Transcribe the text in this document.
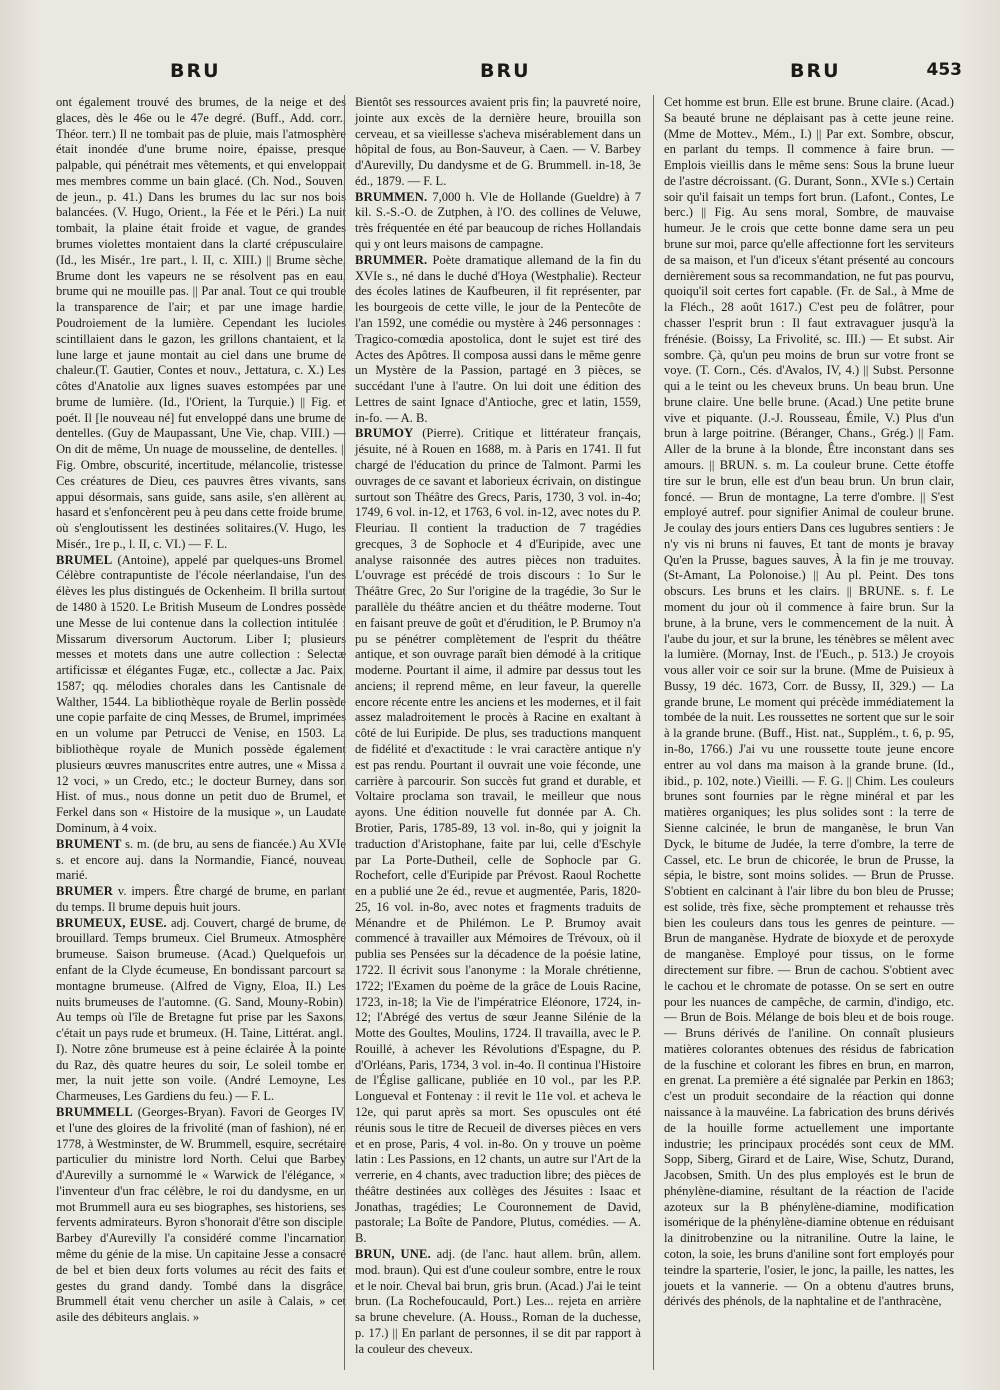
BRU	BRU	BRU	453

ont également trouvé des brumes, de la neige et des glaces, dès le 46e ou le 47e degré. (Buff., Add. corr., Théor. terr.) Il ne tombait pas de pluie, mais l'atmosphère était inondée d'une brume noire, épaisse, presque palpable, qui pénétrait mes vêtements, et qui enveloppait mes membres comme un bain glacé. (Ch. Nod., Souven. de jeun., p. 41.) Dans les brumes du lac sur nos bois balancées. (V. Hugo, Orient., la Fée et le Péri.) La nuit tombait, la plaine était froide et vague, de grandes brumes violettes montaient dans la clarté crépusculaire. (Id., les Misér., 1re part., l. II, c. XIII.) || Brume sèche, Brume dont les vapeurs ne se résolvent pas en eau, brume qui ne mouille pas. || Par anal. Tout ce qui trouble la transparence de l'air; et par une image hardie, Poudroiement de la lumière. Cependant les lucioles scintillaient dans le gazon, les grillons chantaient, et la lune large et jaune montait au ciel dans une brume de chaleur.(T. Gautier, Contes et nouv., Jettatura, c. X.) Les côtes d'Anatolie aux lignes suaves estompées par une brume de lumière. (Id., l'Orient, la Turquie.) || Fig. et poét. Il [le nouveau né] fut enveloppé dans une brume de dentelles. (Guy de Maupassant, Une Vie, chap. VIII.) — On dit de même, Un nuage de mousseline, de dentelles. || Fig. Ombre, obscurité, incertitude, mélancolie, tristesse. Ces créatures de Dieu, ces pauvres êtres vivants, sans appui désormais, sans guide, sans asile, s'en allèrent au hasard et s'enfoncèrent peu à peu dans cette froide brume, où s'engloutissent les destinées solitaires.(V. Hugo, les Misér., 1re p., l. II, c. VI.) — F. L.

BRUMEL (Antoine), appelé par quelques-uns Bromel. Célèbre contrapuntiste de l'école néerlandaise, l'un des élèves les plus distingués de Ockenheim. Il brilla surtout de 1480 à 1520. Le British Museum de Londres possède une Messe de lui contenue dans la collection intitulée : Missarum diversorum Auctorum. Liber I; plusieurs messes et motets dans une autre collection : Selectæ artificissæ et élégantes Fugæ, etc., collectæ a Jac. Paix, 1587; qq. mélodies chorales dans les Cantisnale de Walther, 1544. La bibliothèque royale de Berlin possède une copie parfaite de cinq Messes, de Brumel, imprimées en un volume par Petrucci de Venise, en 1503. La bibliothèque royale de Munich possède également plusieurs œuvres manuscrites entre autres, une « Missa a 12 voci, » un Credo, etc.; le docteur Burney, dans son Hist. of mus., nous donne un petit duo de Brumel, et Ferkel dans son « Histoire de la musique », un Laudate Dominum, à 4 voix.

BRUMENT s. m. (de bru, au sens de fiancée.) Au XVIe s. et encore auj. dans la Normandie, Fiancé, nouveau marié.

BRUMER v. impers. Être chargé de brume, en parlant du temps. Il brume depuis huit jours.

BRUMEUX, EUSE. adj. Couvert, chargé de brume, de brouillard. Temps brumeux. Ciel Brumeux. Atmosphère brumeuse. Saison brumeuse. (Acad.) Quelquefois un enfant de la Clyde écumeuse, En bondissant parcourt sa montagne brumeuse. (Alfred de Vigny, Eloa, II.) Les nuits brumeuses de l'automne. (G. Sand, Mouny-Robin). Au temps où l'île de Bretagne fut prise par les Saxons, c'était un pays rude et brumeux. (H. Taine, Littérat. angl., I). Notre zône brumeuse est à peine éclairée À la pointe du Raz, dès quatre heures du soir, Le soleil tombe en mer, la nuit jette son voile. (André Lemoyne, Les Charmeuses, Les Gardiens du feu.) — F. L.

BRUMMELL (Georges-Bryan). Favori de Georges IV, et l'une des gloires de la frivolité (man of fashion), né en 1778, à Westminster, de W. Brummell, esquire, secrétaire particulier du ministre lord North. Celui que Barbey d'Aurevilly a surnommé le « Warwick de l'élégance, » l'inventeur d'un frac célèbre, le roi du dandysme, en un mot Brummell aura eu ses biographes, ses historiens, ses fervents admirateurs. Byron s'honorait d'être son disciple. Barbey d'Aurevilly l'a considéré comme l'incarnation même du génie de la mise. Un capitaine Jesse a consacré de bel et bien deux forts volumes au récit des faits et gestes du grand dandy. Tombé dans la disgrâce, Brummell était venu chercher un asile à Calais, » cet asile des débiteurs anglais. »

Bientôt ses ressources avaient pris fin; la pauvreté noire, jointe aux excès de la dernière heure, brouilla son cerveau, et sa vieillesse s'acheva misérablement dans un hôpital de fous, au Bon-Sauveur, à Caen. — V. Barbey d'Aurevilly, Du dandysme et de G. Brummell. in-18, 3e éd., 1879. — F. L.

BRUMMEN. 7,000 h. Vle de Hollande (Gueldre) à 7 kil. S.-S.-O. de Zutphen, à l'O. des collines de Veluwe, très fréquentée en été par beaucoup de riches Hollandais qui y ont leurs maisons de campagne.

BRUMMER. Poète dramatique allemand de la fin du XVIe s., né dans le duché d'Hoya (Westphalie). Recteur des écoles latines de Kaufbeuren, il fit représenter, par les bourgeois de cette ville, le jour de la Pentecôte de l'an 1592, une comédie ou mystère à 246 personnages : Tragico-comœdia apostolica, dont le sujet est tiré des Actes des Apôtres. Il composa aussi dans le même genre un Mystère de la Passion, partagé en 3 pièces, se succédant l'une à l'autre. On lui doit une édition des Lettres de saint Ignace d'Antioche, grec et latin, 1559, in-fo. — A. B.

BRUMOY (Pierre). Critique et littérateur français, jésuite, né à Rouen en 1688, m. à Paris en 1741. Il fut chargé de l'éducation du prince de Talmont. Parmi les ouvrages de ce savant et laborieux écrivain, on distingue surtout son Théâtre des Grecs, Paris, 1730, 3 vol. in-4o; 1749, 6 vol. in-12, et 1763, 6 vol. in-12, avec notes du P. Fleuriau. Il contient la traduction de 7 tragédies grecques, 3 de Sophocle et 4 d'Euripide, avec une analyse raisonnée des autres pièces non traduites. L'ouvrage est précédé de trois discours : 1o Sur le Théâtre Grec, 2o Sur l'origine de la tragédie, 3o Sur le parallèle du théâtre ancien et du théâtre moderne. Tout en faisant preuve de goût et d'érudition, le P. Brumoy n'a pu se pénétrer complètement de l'esprit du théâtre antique, et son ouvrage paraît bien démodé à la critique moderne. Pourtant il aime, il admire par dessus tout les anciens; il reprend même, en leur faveur, la querelle encore récente entre les anciens et les modernes, et il fait assez maladroitement le procès à Racine en exaltant à côté de lui Euripide. De plus, ses traductions manquent de fidélité et d'exactitude : le vrai caractère antique n'y est pas rendu. Pourtant il ouvrait une voie féconde, une carrière à parcourir. Son succès fut grand et durable, et Voltaire proclama son travail, le meilleur que nous ayons. Une édition nouvelle fut donnée par A. Ch. Brotier, Paris, 1785-89, 13 vol. in-8o, qui y joignit la traduction d'Aristophane, faite par lui, celle d'Eschyle par La Porte-Dutheil, celle de Sophocle par G. Rochefort, celle d'Euripide par Prévost. Raoul Rochette en a publié une 2e éd., revue et augmentée, Paris, 1820-25, 16 vol. in-8o, avec notes et fragments traduits de Ménandre et de Philémon. Le P. Brumoy avait commencé à travailler aux Mémoires de Trévoux, où il publia ses Pensées sur la décadence de la poésie latine, 1722. Il écrivit sous l'anonyme : la Morale chrétienne, 1722; l'Examen du poème de la grâce de Louis Racine, 1723, in-18; la Vie de l'impératrice Eléonore, 1724, in-12; l'Abrégé des vertus de sœur Jeanne Silénie de la Motte des Goultes, Moulins, 1724. Il travailla, avec le P. Rouillé, à achever les Révolutions d'Espagne, du P. d'Orléans, Paris, 1734, 3 vol. in-4o. Il continua l'Histoire de l'Église gallicane, publiée en 10 vol., par les P.P. Longueval et Fontenay : il revit le 11e vol. et acheva le 12e, qui parut après sa mort. Ses opuscules ont été réunis sous le titre de Recueil de diverses pièces en vers et en prose, Paris, 4 vol. in-8o. On y trouve un poème latin : Les Passions, en 12 chants, un autre sur l'Art de la verrerie, en 4 chants, avec traduction libre; des pièces de théâtre destinées aux collèges des Jésuites : Isaac et Jonathas, tragédies; Le Couronnement de David, pastorale; La Boîte de Pandore, Plutus, comédies. — A. B.

BRUN, UNE. adj. (de l'anc. haut allem. brûn, allem. mod. braun). Qui est d'une couleur sombre, entre le roux et le noir. Cheval bai brun, gris brun. (Acad.) J'ai le teint brun. (La Rochefoucauld, Port.) Les... rejeta en arrière sa brune chevelure. (A. Houss., Roman de la duchesse, p. 17.) || En parlant de personnes, il se dit par rapport à la couleur des cheveux.

Cet homme est brun. Elle est brune. Brune claire. (Acad.) Sa beauté brune ne déplaisant pas à cette jeune reine. (Mme de Mottev., Mém., I.) || Par ext. Sombre, obscur, en parlant du temps. Il commence à faire brun. — Emplois vieillis dans le même sens: Sous la brune lueur de l'astre décroissant. (G. Durant, Sonn., XVIe s.) Certain soir qu'il faisait un temps fort brun. (Lafont., Contes, Le berc.) || Fig. Au sens moral, Sombre, de mauvaise humeur. Je le crois que cette bonne dame sera un peu brune sur moi, parce qu'elle affectionne fort les serviteurs de sa maison, et l'un d'iceux s'étant présenté au concours dernièrement sous sa recommandation, ne fut pas pourvu, quoiqu'il soit certes fort capable. (Fr. de Sal., à Mme de la Fléch., 28 août 1617.) C'est peu de folâtrer, pour chasser l'esprit brun : Il faut extravaguer jusqu'à la frénésie. (Boissy, La Frivolité, sc. III.) — Et subst. Air sombre. Çà, qu'un peu moins de brun sur votre front se voye. (T. Corn., Cés. d'Avalos, IV, 4.) || Subst. Personne qui a le teint ou les cheveux bruns. Un beau brun. Une brune claire. Une belle brune. (Acad.) Une petite brune vive et piquante. (J.-J. Rousseau, Émile, V.) Plus d'un brun à large poitrine. (Béranger, Chans., Grég.) || Fam. Aller de la brune à la blonde, Être inconstant dans ses amours. || BRUN. s. m. La couleur brune. Cette étoffe tire sur le brun, elle est d'un beau brun. Un brun clair, foncé. — Brun de montagne, La terre d'ombre. || S'est employé autref. pour signifier Animal de couleur brune. Je coulay des jours entiers Dans ces lugubres sentiers : Je n'y vis ni bruns ni fauves, Et tant de monts je bravay Qu'en la Prusse, bagues sauves, À la fin je me trouvay. (St-Amant, La Polonoise.) || Au pl. Peint. Des tons obscurs. Les bruns et les clairs. || BRUNE. s. f. Le moment du jour où il commence à faire brun. Sur la brune, à la brune, vers le commencement de la nuit. À l'aube du jour, et sur la brune, les ténèbres se mêlent avec la lumière. (Mornay, Inst. de l'Euch., p. 513.) Je croyois vous aller voir ce soir sur la brune. (Mme de Puisieux à Bussy, 19 déc. 1673, Corr. de Bussy, II, 329.) — La grande brune, Le moment qui précède immédiatement la tombée de la nuit. Les roussettes ne sortent que sur le soir à la grande brune. (Buff., Hist. nat., Supplém., t. 6, p. 95, in-8o, 1766.) J'ai vu une roussette toute jeune encore entrer au vol dans ma maison à la grande brune. (Id., ibid., p. 102, note.) Vieilli. — F. G. || Chim. Les couleurs brunes sont fournies par le règne minéral et par les matières organiques; les plus solides sont : la terre de Sienne calcinée, le brun de manganèse, le brun Van Dyck, le bitume de Judée, la terre d'ombre, la terre de Cassel, etc. Le brun de chicorée, le brun de Prusse, la sépia, le bistre, sont moins solides. — Brun de Prusse. S'obtient en calcinant à l'air libre du bon bleu de Prusse; est solide, très fixe, sèche promptement et rehausse très bien les couleurs dans tous les genres de peinture. — Brun de manganèse. Hydrate de bioxyde et de peroxyde de manganèse. Employé pour tissus, on le forme directement sur fibre. — Brun de cachou. S'obtient avec le cachou et le chromate de potasse. On se sert en outre pour les nuances de campêche, de carmin, d'indigo, etc. — Brun de Bois. Mélange de bois bleu et de bois rouge. — Bruns dérivés de l'aniline. On connaît plusieurs matières colorantes obtenues des résidus de fabrication de la fuschine et colorant les fibres en brun, en marron, en grenat. La première a été signalée par Perkin en 1863; c'est un produit secondaire de la réaction qui donne naissance à la mauvéine. La fabrication des bruns dérivés de la houille forme actuellement une importante industrie; les principaux procédés sont ceux de MM. Sopp, Siberg, Girard et de Laire, Wise, Schutz, Durand, Jacobsen, Smith. Un des plus employés est le brun de phénylène-diamine, résultant de la réaction de l'acide azoteux sur la B phénylène-diamine, modification isomérique de la phénylène-diamine obtenue en réduisant la dinitrobenzine ou la nitraniline. Outre la laine, le coton, la soie, les bruns d'aniline sont fort employés pour teindre la sparterie, l'osier, le jonc, la paille, les nattes, les jouets et la vannerie. — On a obtenu d'autres bruns, dérivés des phénols, de la naphtaline et de l'anthracène,
